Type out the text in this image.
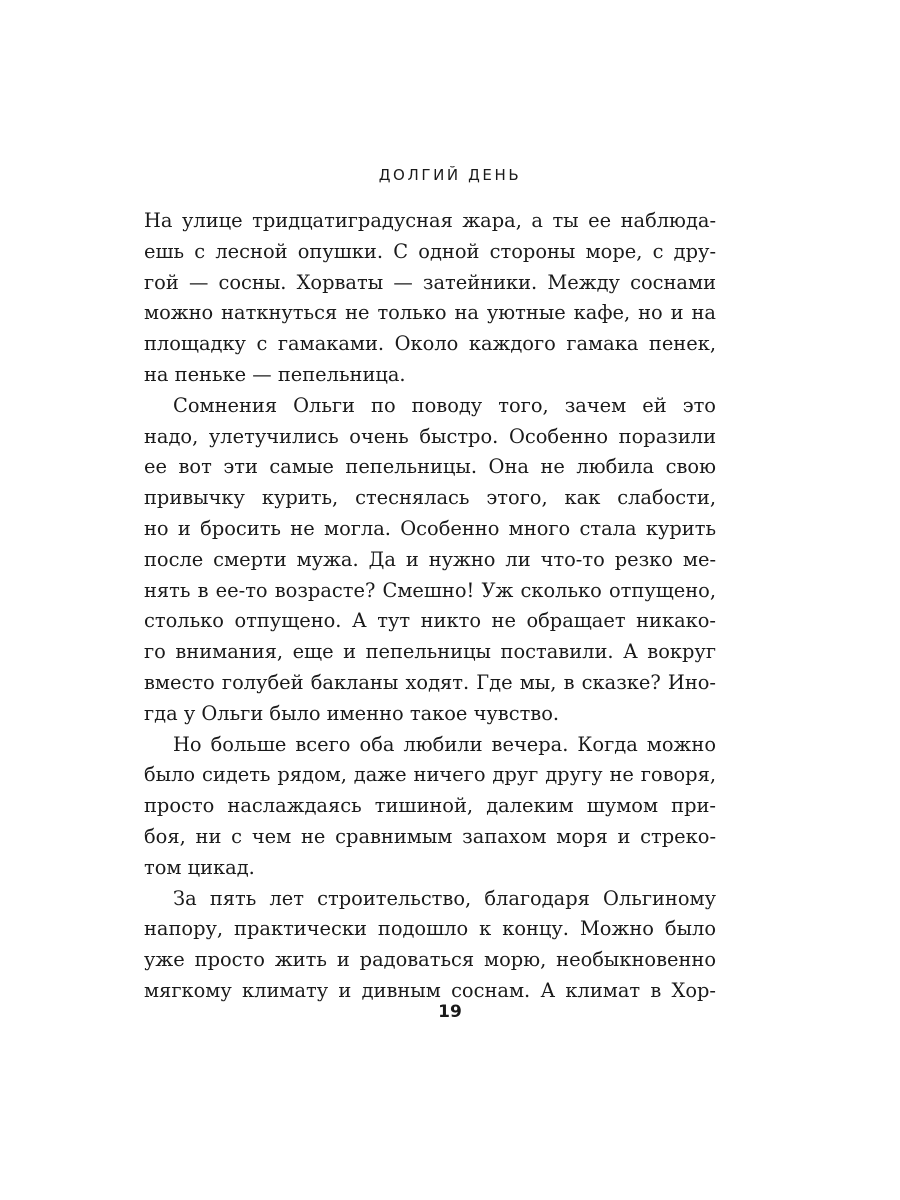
ДОЛГИЙ ДЕНЬ
На улице тридцатиградусная жара, а ты ее наблюда-
ешь с лесной опушки. С одной стороны море, с дру-
гой — сосны. Хорваты — затейники. Между соснами
можно наткнуться не только на уютные кафе, но и на
площадку с гамаками. Около каждого гамака пенек,
на пеньке — пепельница.
Сомнения Ольги по поводу того, зачем ей это
надо, улетучились очень быстро. Особенно поразили
ее вот эти самые пепельницы. Она не любила свою
привычку курить, стеснялась этого, как слабости,
но и бросить не могла. Особенно много стала курить
после смерти мужа. Да и нужно ли что-то резко ме-
нять в ее-то возрасте? Смешно! Уж сколько отпущено,
столько отпущено. А тут никто не обращает никако-
го внимания, еще и пепельницы поставили. А вокруг
вместо голубей бакланы ходят. Где мы, в сказке? Ино-
гда у Ольги было именно такое чувство.
Но больше всего оба любили вечера. Когда можно
было сидеть рядом, даже ничего друг другу не говоря,
просто наслаждаясь тишиной, далеким шумом при-
боя, ни с чем не сравнимым запахом моря и стреко-
том цикад.
За пять лет строительство, благодаря Ольгиному
напору, практически подошло к концу. Можно было
уже просто жить и радоваться морю, необыкновенно
мягкому климату и дивным соснам. А климат в Хор-
19
